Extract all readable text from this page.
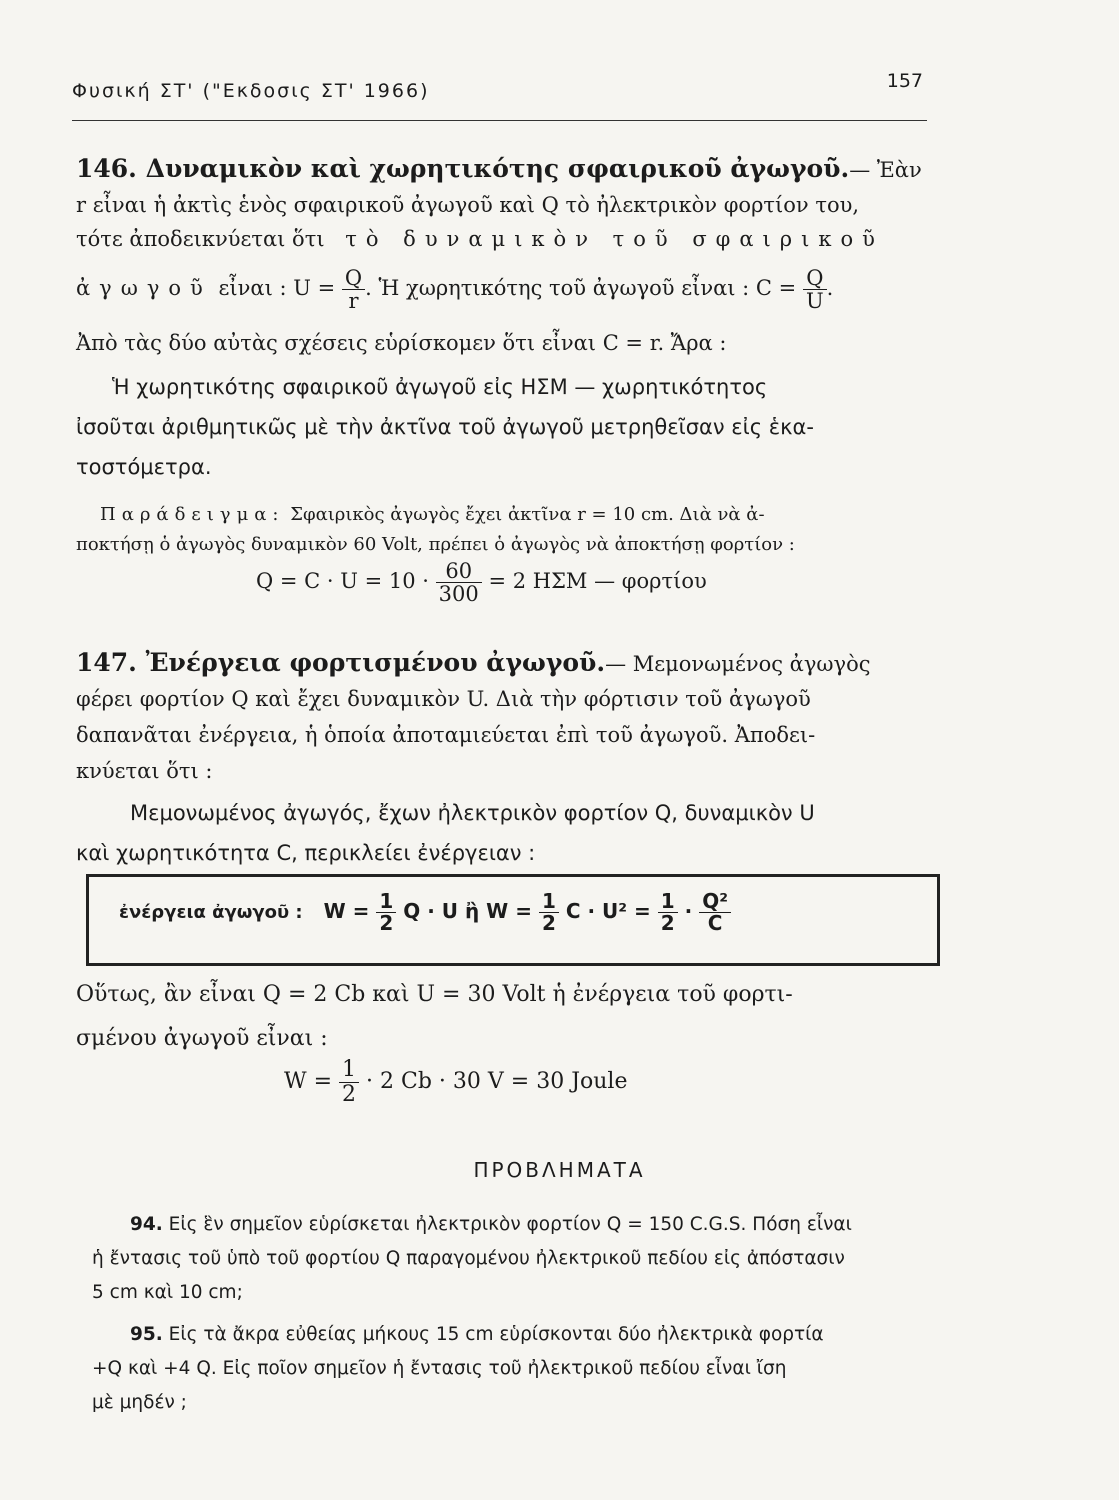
Φυσική ΣΤ' ("Εκδοσις ΣΤ' 1966)	157
146. Δυναμικὸν καὶ χωρητικότης σφαιρικοῦ ἀγωγοῦ.— Ἐὰν
r εἶναι ἡ ἀκτὶς ἑνὸς σφαιρικοῦ ἀγωγοῦ καὶ Q τὸ ἠλεκτρικὸν φορτίον του,
τότε ἀποδεικνύεται ὅτι τὸ δυναμικὸν τοῦ σφαιρικοῦ
ἀγωγοῦ εἶναι : $U = \frac{Q}{r}$ . Ἡ χωρητικότης τοῦ ἀγωγοῦ εἶναι : $C = \frac{Q}{U}$ .
Ἀπὸ τὰς δύο αὐτὰς σχέσεις εὑρίσκομεν ὅτι εἶναι C = r. Ἄρα :
Ἡ χωρητικότης σφαιρικοῦ ἀγωγοῦ εἰς ΗΣΜ — χωρητικότητος
ἰσοῦται ἀριθμητικῶς μὲ τὴν ἀκτῖνα τοῦ ἀγωγοῦ μετρηθεῖσαν εἰς ἑκα-
τοστόμετρα.
Παράδειγμα: Σφαιρικὸς ἀγωγὸς ἔχει ἀκτῖνα r = 10 cm. Διὰ νὰ ἀ-
ποκτήσῃ ὁ ἀγωγὸς δυναμικὸν 60 Volt, πρέπει ὁ ἀγωγὸς νὰ ἀποκτήσῃ φορτίον :
$Q = C \cdot U = 10 \cdot \frac{60}{300} = 2$ ΗΣΜ — φορτίου
147. Ἐνέργεια φορτισμένου ἀγωγοῦ.— Μεμονωμένος ἀγωγὸς
φέρει φορτίον Q καὶ ἔχει δυναμικὸν U. Διὰ τὴν φόρτισιν τοῦ ἀγωγοῦ
δαπανᾶται ἐνέργεια, ἡ ὁποία ἀποταμιεύεται ἐπὶ τοῦ ἀγωγοῦ. Ἀποδει-
κνύεται ὅτι :
Μεμονωμένος ἀγωγός, ἔχων ἠλεκτρικὸν φορτίον Q, δυναμικὸν U
καὶ χωρητικότητα C, περικλείει ἐνέργειαν :
ἐνέργεια ἀγωγοῦ : $W = \frac{1}{2}$ Q · U ἢ $W = \frac{1}{2}$ $C \cdot U^2 = \frac{1}{2} \cdot \frac{\text{Q²}}{C}$
Οὕτως, ἂν εἶναι Q = 2 Cb καὶ U = 30 Volt ἡ ἐνέργεια τοῦ φορτι-
σμένου ἀγωγοῦ εἶναι :
$W = \frac{1}{2} \cdot 2$ Cb · 30 V = 30 Joule
ΠΡΟΒΛΗΜΑΤΑ
94. Εἰς ἓν σημεῖον εὑρίσκεται ἠλεκτρικὸν φορτίον Q = 150 C.G.S. Πόση εἶναι
ἡ ἔντασις τοῦ ὑπὸ τοῦ φορτίου Q παραγομένου ἠλεκτρικοῦ πεδίου εἰς ἀπόστασιν
5 cm καὶ 10 cm;
95. Εἰς τὰ ἄκρα εὐθείας μήκους 15 cm εὑρίσκονται δύο ἠλεκτρικὰ φορτία
+Q καὶ +4 Q. Εἰς ποῖον σημεῖον ἡ ἔντασις τοῦ ἠλεκτρικοῦ πεδίου εἶναι ἴση
μὲ μηδέν ;
